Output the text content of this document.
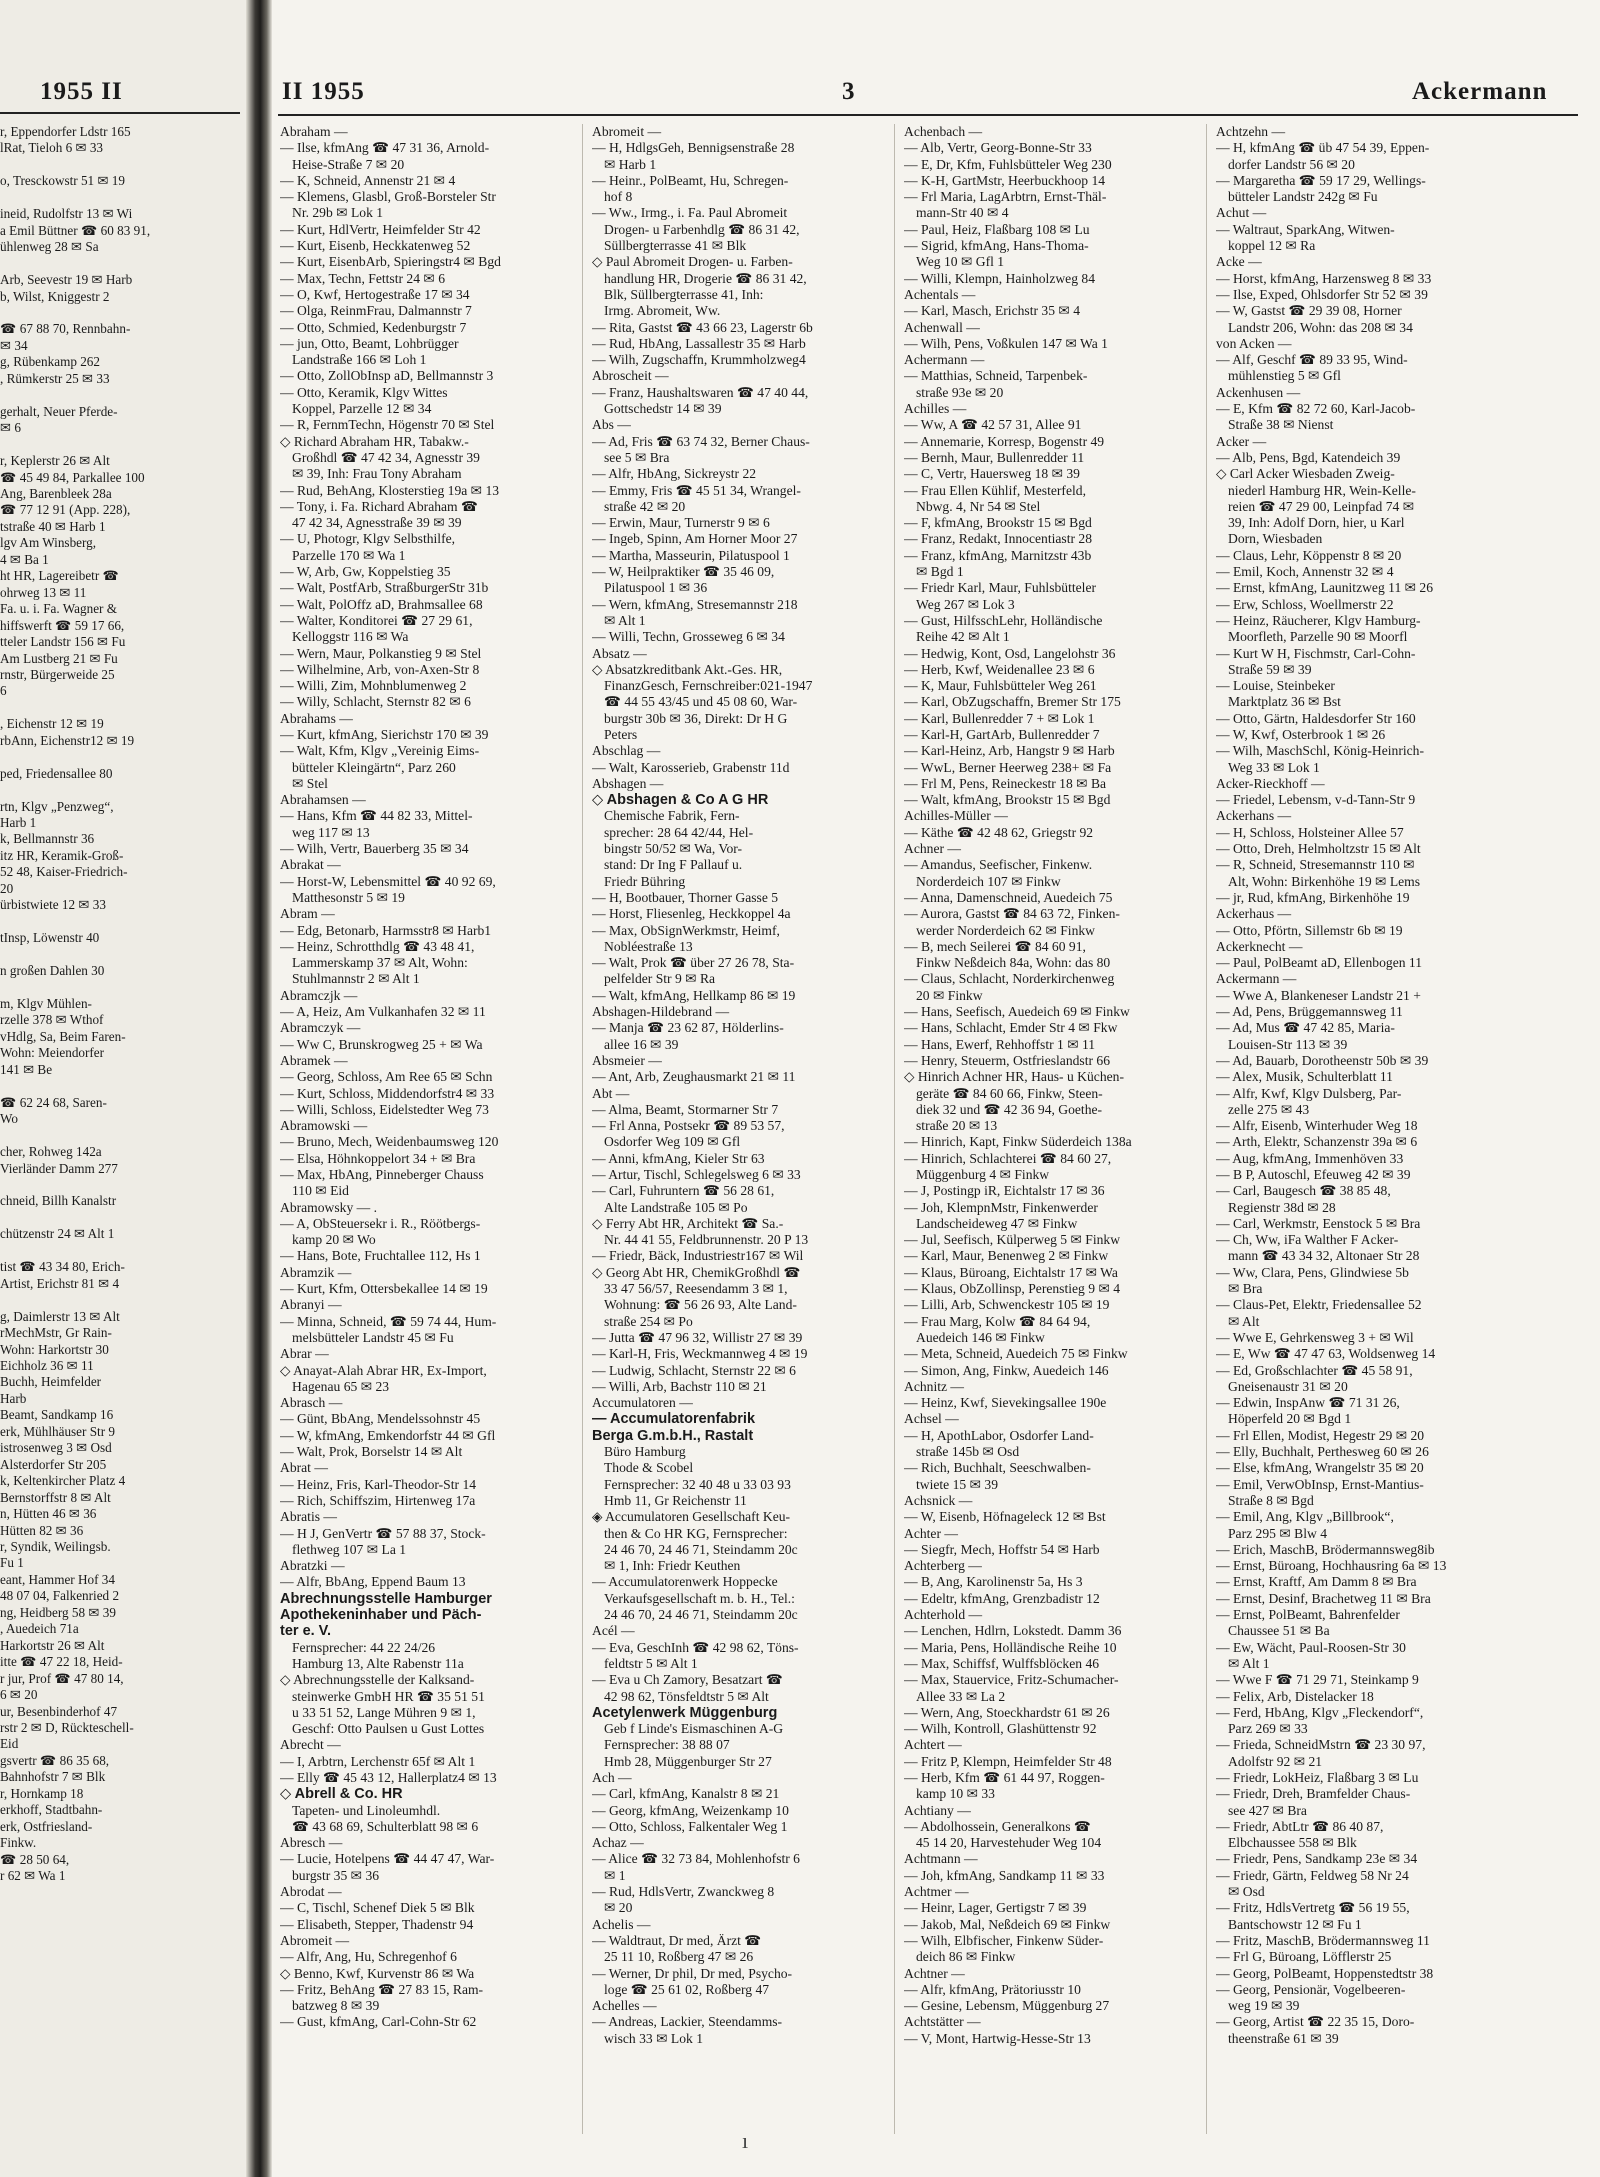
1955 II
r, Eppendorfer Ldstr 165
lRat, Tieloh 6 ✉ 33

o, Tresckowstr 51 ✉ 19

ineid, Rudolfstr 13 ✉ Wi
a Emil Büttner ☎ 60 83 91,
ühlenweg 28 ✉ Sa

Arb, Seevestr 19 ✉ Harb
b, Wilst, Kniggestr 2

☎ 67 88 70, Rennbahn-
✉ 34
g, Rübenkamp 262
, Rümkerstr 25 ✉ 33

gerhalt, Neuer Pferde-
✉ 6

r, Keplerstr 26 ✉ Alt
☎ 45 49 84, Parkallee 100
Ang, Barenbleek 28a
☎ 77 12 91 (App. 228),
tstraße 40 ✉ Harb 1
lgv Am Winsberg,
4 ✉ Ba 1
ht HR, Lagereibetr ☎
ohrweg 13 ✉ 11
Fa. u. i. Fa. Wagner &
hiffswerft ☎ 59 17 66,
tteler Landstr 156 ✉ Fu
Am Lustberg 21 ✉ Fu
rnstr, Bürgerweide 25
6

, Eichenstr 12 ✉ 19
rbAnn, Eichenstr12 ✉ 19

ped, Friedensallee 80

rtn, Klgv „Penzweg“,
Harb 1
k, Bellmannstr 36
itz HR, Keramik-Groß-
52 48, Kaiser-Friedrich-
20
ürbistwiete 12 ✉ 33

tInsp, Löwenstr 40

n großen Dahlen 30

m, Klgv Mühlen-
rzelle 378 ✉ Wthof
vHdlg, Sa, Beim Faren-
Wohn: Meiendorfer
141 ✉ Be

☎ 62 24 68, Saren-
Wo

cher, Rohweg 142a
Vierländer Damm 277

chneid, Billh Kanalstr

chützenstr 24 ✉ Alt 1

tist ☎ 43 34 80, Erich-
Artist, Erichstr 81 ✉ 4

g, Daimlerstr 13 ✉ Alt
rMechMstr, Gr Rain-
Wohn: Harkortstr 30
Eichholz 36 ✉ 11
Buchh, Heimfelder
Harb
Beamt, Sandkamp 16
erk, Mühlhäuser Str 9
istrosenweg 3 ✉ Osd
Alsterdorfer Str 205
k, Keltenkircher Platz 4
Bernstorffstr 8 ✉ Alt
n, Hütten 46 ✉ 36
Hütten 82 ✉ 36
r, Syndik, Weilingsb.
Fu 1
eant, Hammer Hof 34
48 07 04, Falkenried 2
ng, Heidberg 58 ✉ 39
, Auedeich 71a
Harkortstr 26 ✉ Alt
itte ☎ 47 22 18, Heid-
r jur, Prof ☎ 47 80 14,
6 ✉ 20
ur, Besenbinderhof 47
rstr 2 ✉ D, Rückteschell-
Eid
gsvertr ☎ 86 35 68,
Bahnhofstr 7 ✉ Blk
r, Hornkamp 18
erkhoff, Stadtbahn-
erk, Ostfriesland-
Finkw.
☎ 28 50 64,
r 62 ✉ Wa 1
II 1955	3	Ackermann
Abraham —
— Ilse, kfmAng ☎ 47 31 36, Arnold-
Heise-Straße 7 ✉ 20
— K, Schneid, Annenstr 21 ✉ 4
— Klemens, Glasbl, Groß-Borsteler Str
Nr. 29b ✉ Lok 1
— Kurt, HdlVertr, Heimfelder Str 42
— Kurt, Eisenb, Heckkatenweg 52
— Kurt, EisenbArb, Spieringstr4 ✉ Bgd
— Max, Techn, Fettstr 24 ✉ 6
— O, Kwf, Hertogestraße 17 ✉ 34
— Olga, ReinmFrau, Dalmannstr 7
— Otto, Schmied, Kedenburgstr 7
— jun, Otto, Beamt, Lohbrügger
Landstraße 166 ✉ Loh 1
— Otto, ZollObInsp aD, Bellmannstr 3
— Otto, Keramik, Klgv Wittes
Koppel, Parzelle 12 ✉ 34
— R, FernmTechn, Högenstr 70 ✉ Stel
◇ Richard Abraham HR, Tabakw.-
Großhdl ☎ 47 42 34, Agnesstr 39
✉ 39, Inh: Frau Tony Abraham
— Rud, BehAng, Klosterstieg 19a ✉ 13
— Tony, i. Fa. Richard Abraham ☎
47 42 34, Agnesstraße 39 ✉ 39
— U, Photogr, Klgv Selbsthilfe,
Parzelle 170 ✉ Wa 1
— W, Arb, Gw, Koppelstieg 35
— Walt, PostfArb, StraßburgerStr 31b
— Walt, PolOffz aD, Brahmsallee 68
— Walter, Konditorei ☎ 27 29 61,
Kelloggstr 116 ✉ Wa
— Wern, Maur, Polkanstieg 9 ✉ Stel
— Wilhelmine, Arb, von-Axen-Str 8
— Willi, Zim, Mohnblumenweg 2
— Willy, Schlacht, Sternstr 82 ✉ 6
Abrahams —
— Kurt, kfmAng, Sierichstr 170 ✉ 39
— Walt, Kfm, Klgv „Vereinig Eims-
bütteler Kleingärtn“, Parz 260
✉ Stel
Abrahamsen —
— Hans, Kfm ☎ 44 82 33, Mittel-
weg 117 ✉ 13
— Wilh, Vertr, Bauerberg 35 ✉ 34
Abrakat —
— Horst-W, Lebensmittel ☎ 40 92 69,
Matthesonstr 5 ✉ 19
Abram —
— Edg, Betonarb, Harmsstr8 ✉ Harb1
— Heinz, Schrotthdlg ☎ 43 48 41,
Lammerskamp 37 ✉ Alt, Wohn:
Stuhlmannstr 2 ✉ Alt 1
Abramczjk —
— A, Heiz, Am Vulkanhafen 32 ✉ 11
Abramczyk —
— Ww C, Brunskrogweg 25 + ✉ Wa
Abramek —
— Georg, Schloss, Am Ree 65 ✉ Schn
— Kurt, Schloss, Middendorfstr4 ✉ 33
— Willi, Schloss, Eidelstedter Weg 73
Abramowski —
— Bruno, Mech, Weidenbaumsweg 120
— Elsa, Höhnkoppelort 34 + ✉ Bra
— Max, HbAng, Pinneberger Chauss
110 ✉ Eid
Abramowsky — .
— A, ObSteuersekr i. R., Röötbergs-
kamp 20 ✉ Wo
— Hans, Bote, Fruchtallee 112, Hs 1
Abramzik —
— Kurt, Kfm, Ottersbekallee 14 ✉ 19
Abranyi —
— Minna, Schneid, ☎ 59 74 44, Hum-
melsbütteler Landstr 45 ✉ Fu
Abrar —
◇ Anayat-Alah Abrar HR, Ex-Import,
Hagenau 65 ✉ 23
Abrasch —
— Günt, BbAng, Mendelssohnstr 45
— W, kfmAng, Emkendorfstr 44 ✉ Gfl
— Walt, Prok, Borselstr 14 ✉ Alt
Abrat —
— Heinz, Fris, Karl-Theodor-Str 14
— Rich, Schiffszim, Hirtenweg 17a
Abratis —
— H J, GenVertr ☎ 57 88 37, Stock-
flethweg 107 ✉ La 1
Abratzki —
— Alfr, BbAng, Eppend Baum 13
Abrechnungsstelle Hamburger
Apothekeninhaber und Päch-
ter e. V.
Fernsprecher: 44 22 24/26
Hamburg 13, Alte Rabenstr 11a
◇ Abrechnungsstelle der Kalksand-
steinwerke GmbH HR ☎ 35 51 51
u 33 51 52, Lange Mühren 9 ✉ 1,
Geschf: Otto Paulsen u Gust Lottes
Abrecht —
— I, Arbtrn, Lerchenstr 65f ✉ Alt 1
— Elly ☎ 45 43 12, Hallerplatz4 ✉ 13
◇ Abrell & Co. HR
Tapeten- und Linoleumhdl.
☎ 43 68 69, Schulterblatt 98 ✉ 6
Abresch —
— Lucie, Hotelpens ☎ 44 47 47, War-
burgstr 35 ✉ 36
Abrodat —
— C, Tischl, Schenef Diek 5 ✉ Blk
— Elisabeth, Stepper, Thadenstr 94
Abromeit —
— Alfr, Ang, Hu, Schregenhof 6
◇ Benno, Kwf, Kurvenstr 86 ✉ Wa
— Fritz, BehAng ☎ 27 83 15, Ram-
batzweg 8 ✉ 39
— Gust, kfmAng, Carl-Cohn-Str 62
Abromeit —
— H, HdlgsGeh, Bennigsenstraße 28
✉ Harb 1
— Heinr., PolBeamt, Hu, Schregen-
hof 8
— Ww., Irmg., i. Fa. Paul Abromeit
Drogen- u Farbenhdlg ☎ 86 31 42,
Süllbergterrasse 41 ✉ Blk
◇ Paul Abromeit Drogen- u. Farben-
handlung HR, Drogerie ☎ 86 31 42,
Blk, Süllbergterrasse 41, Inh:
Irmg. Abromeit, Ww.
— Rita, Gastst ☎ 43 66 23, Lagerstr 6b
— Rud, HbAng, Lassallestr 35 ✉ Harb
— Wilh, Zugschaffn, Krummholzweg4
Abroscheit —
— Franz, Haushaltswaren ☎ 47 40 44,
Gottschedstr 14 ✉ 39
Abs —
— Ad, Fris ☎ 63 74 32, Berner Chaus-
see 5 ✉ Bra
— Alfr, HbAng, Sickreystr 22
— Emmy, Fris ☎ 45 51 34, Wrangel-
straße 42 ✉ 20
— Erwin, Maur, Turnerstr 9 ✉ 6
— Ingeb, Spinn, Am Horner Moor 27
— Martha, Masseurin, Pilatuspool 1
— W, Heilpraktiker ☎ 35 46 09,
Pilatuspool 1 ✉ 36
— Wern, kfmAng, Stresemannstr 218
✉ Alt 1
— Willi, Techn, Grosseweg 6 ✉ 34
Absatz —
◇ Absatzkreditbank Akt.-Ges. HR,
FinanzGesch, Fernschreiber:021-1947
☎ 44 55 43/45 und 45 08 60, War-
burgstr 30b ✉ 36, Direkt: Dr H G
Peters
Abschlag —
— Walt, Karosserieb, Grabenstr 11d
Abshagen —
◇ Abshagen & Co A G HR
Chemische Fabrik, Fern-
sprecher: 28 64 42/44, Hel-
bingstr 50/52 ✉ Wa, Vor-
stand: Dr Ing F Pallauf u.
Friedr Bühring
— H, Bootbauer, Thorner Gasse 5
— Horst, Fliesenleg, Heckkoppel 4a
— Max, ObSignWerkmstr, Heimf,
Nobléestraße 13
— Walt, Prok ☎ über 27 26 78, Sta-
pelfelder Str 9 ✉ Ra
— Walt, kfmAng, Hellkamp 86 ✉ 19
Abshagen-Hildebrand —
— Manja ☎ 23 62 87, Hölderlins-
allee 16 ✉ 39
Absmeier —
— Ant, Arb, Zeughausmarkt 21 ✉ 11
Abt —
— Alma, Beamt, Stormarner Str 7
— Frl Anna, Postsekr ☎ 89 53 57,
Osdorfer Weg 109 ✉ Gfl
— Anni, kfmAng, Kieler Str 63
— Artur, Tischl, Schlegelsweg 6 ✉ 33
— Carl, Fuhruntern ☎ 56 28 61,
Alte Landstraße 105 ✉ Po
◇ Ferry Abt HR, Architekt ☎ Sa.-
Nr. 44 41 55, Feldbrunnenstr. 20 P 13
— Friedr, Bäck, Industriestr167 ✉ Wil
◇ Georg Abt HR, ChemikGroßhdl ☎
33 47 56/57, Reesendamm 3 ✉ 1,
Wohnung: ☎ 56 26 93, Alte Land-
straße 254 ✉ Po
— Jutta ☎ 47 96 32, Willistr 27 ✉ 39
— Karl-H, Fris, Weckmannweg 4 ✉ 19
— Ludwig, Schlacht, Sternstr 22 ✉ 6
— Willi, Arb, Bachstr 110 ✉ 21
Accumulatoren —
— Accumulatorenfabrik
Berga G.m.b.H., Rastalt
Büro Hamburg
Thode & Scobel
Fernsprecher: 32 40 48 u 33 03 93
Hmb 11, Gr Reichenstr 11
◈ Accumulatoren Gesellschaft Keu-
then & Co HR KG, Fernsprecher:
24 46 70, 24 46 71, Steindamm 20c
✉ 1, Inh: Friedr Keuthen
— Accumulatorenwerk Hoppecke
Verkaufsgesellschaft m. b. H., Tel.:
24 46 70, 24 46 71, Steindamm 20c
Acél —
— Eva, GeschInh ☎ 42 98 62, Töns-
feldtstr 5 ✉ Alt 1
— Eva u Ch Zamory, Besatzart ☎
42 98 62, Tönsfeldtstr 5 ✉ Alt
Acetylenwerk Müggenburg
Geb f Linde's Eismaschinen A-G
Fernsprecher: 38 88 07
Hmb 28, Müggenburger Str 27
Ach —
— Carl, kfmAng, Kanalstr 8 ✉ 21
— Georg, kfmAng, Weizenkamp 10
— Otto, Schloss, Falkentaler Weg 1
Achaz —
— Alice ☎ 32 73 84, Mohlenhofstr 6
✉ 1
— Rud, HdlsVertr, Zwanckweg 8
✉ 20
Achelis —
— Waldtraut, Dr med, Ärzt ☎
25 11 10, Roßberg 47 ✉ 26
— Werner, Dr phil, Dr med, Psycho-
loge ☎ 25 61 02, Roßberg 47
Achelles —
— Andreas, Lackier, Steendamms-
wisch 33 ✉ Lok 1
Achenbach —
— Alb, Vertr, Georg-Bonne-Str 33
— E, Dr, Kfm, Fuhlsbütteler Weg 230
— K-H, GartMstr, Heerbuckhoop 14
— Frl Maria, LagArbtrn, Ernst-Thäl-
mann-Str 40 ✉ 4
— Paul, Heiz, Flaßbarg 108 ✉ Lu
— Sigrid, kfmAng, Hans-Thoma-
Weg 10 ✉ Gfl 1
— Willi, Klempn, Hainholzweg 84
Achentals —
— Karl, Masch, Erichstr 35 ✉ 4
Achenwall —
— Wilh, Pens, Voßkulen 147 ✉ Wa 1
Achermann —
— Matthias, Schneid, Tarpenbek-
straße 93e ✉ 20
Achilles —
— Ww, A ☎ 42 57 31, Allee 91
— Annemarie, Korresp, Bogenstr 49
— Bernh, Maur, Bullenredder 11
— C, Vertr, Hauersweg 18 ✉ 39
— Frau Ellen Kühlif, Mesterfeld,
Nbwg. 4, Nr 54 ✉ Stel
— F, kfmAng, Brookstr 15 ✉ Bgd
— Franz, Redakt, Innocentiastr 28
— Franz, kfmAng, Marnitzstr 43b
✉ Bgd 1
— Friedr Karl, Maur, Fuhlsbütteler
Weg 267 ✉ Lok 3
— Gust, HilfsschLehr, Holländische
Reihe 42 ✉ Alt 1
— Hedwig, Kont, Osd, Langelohstr 36
— Herb, Kwf, Weidenallee 23 ✉ 6
— K, Maur, Fuhlsbütteler Weg 261
— Karl, ObZugschaffn, Bremer Str 175
— Karl, Bullenredder 7 + ✉ Lok 1
— Karl-H, GartArb, Bullenredder 7
— Karl-Heinz, Arb, Hangstr 9 ✉ Harb
— WwL, Berner Heerweg 238+ ✉ Fa
— Frl M, Pens, Reineckestr 18 ✉ Ba
— Walt, kfmAng, Brookstr 15 ✉ Bgd
Achilles-Müller —
— Käthe ☎ 42 48 62, Griegstr 92
Achner —
— Amandus, Seefischer, Finkenw.
Norderdeich 107 ✉ Finkw
— Anna, Damenschneid, Auedeich 75
— Aurora, Gastst ☎ 84 63 72, Finken-
werder Norderdeich 62 ✉ Finkw
— B, mech Seilerei ☎ 84 60 91,
Finkw Neßdeich 84a, Wohn: das 80
— Claus, Schlacht, Norderkirchenweg
20 ✉ Finkw
— Hans, Seefisch, Auedeich 69 ✉ Finkw
— Hans, Schlacht, Emder Str 4 ✉ Fkw
— Hans, Ewerf, Rehhoffstr 1 ✉ 11
— Henry, Steuerm, Ostfrieslandstr 66
◇ Hinrich Achner HR, Haus- u Küchen-
geräte ☎ 84 60 66, Finkw, Steen-
diek 32 und ☎ 42 36 94, Goethe-
straße 20 ✉ 13
— Hinrich, Kapt, Finkw Süderdeich 138a
— Hinrich, Schlachterei ☎ 84 60 27,
Müggenburg 4 ✉ Finkw
— J, Postingp iR, Eichtalstr 17 ✉ 36
— Joh, KlempnMstr, Finkenwerder
Landscheideweg 47 ✉ Finkw
— Jul, Seefisch, Külperweg 5 ✉ Finkw
— Karl, Maur, Benenweg 2 ✉ Finkw
— Klaus, Büroang, Eichtalstr 17 ✉ Wa
— Klaus, ObZollinsp, Perenstieg 9 ✉ 4
— Lilli, Arb, Schwenckestr 105 ✉ 19
— Frau Marg, Kolw ☎ 84 64 94,
Auedeich 146 ✉ Finkw
— Meta, Schneid, Auedeich 75 ✉ Finkw
— Simon, Ang, Finkw, Auedeich 146
Achnitz —
— Heinz, Kwf, Sievekingsallee 190e
Achsel —
— H, ApothLabor, Osdorfer Land-
straße 145b ✉ Osd
— Rich, Buchhalt, Seeschwalben-
twiete 15 ✉ 39
Achsnick —
— W, Eisenb, Höfnageleck 12 ✉ Bst
Achter —
— Siegfr, Mech, Hoffstr 54 ✉ Harb
Achterberg —
— B, Ang, Karolinenstr 5a, Hs 3
— Edeltr, kfmAng, Grenzbadistr 12
Achterhold —
— Lenchen, Hdlrn, Lokstedt. Damm 36
— Maria, Pens, Holländische Reihe 10
— Max, Schiffsf, Wulffsblöcken 46
— Max, Stauervice, Fritz-Schumacher-
Allee 33 ✉ La 2
— Wern, Ang, Stoeckhardstr 61 ✉ 26
— Wilh, Kontroll, Glashüttenstr 92
Achtert —
— Fritz P, Klempn, Heimfelder Str 48
— Herb, Kfm ☎ 61 44 97, Roggen-
kamp 10 ✉ 33
Achtiany —
— Abdolhossein, Generalkons ☎
45 14 20, Harvestehuder Weg 104
Achtmann —
— Joh, kfmAng, Sandkamp 11 ✉ 33
Achtmer —
— Heinr, Lager, Gertigstr 7 ✉ 39
— Jakob, Mal, Neßdeich 69 ✉ Finkw
— Wilh, Elbfischer, Finkenw Süder-
deich 86 ✉ Finkw
Achtner —
— Alfr, kfmAng, Prätoriusstr 10
— Gesine, Lebensm, Müggenburg 27
Achtstätter —
— V, Mont, Hartwig-Hesse-Str 13
Achtzehn —
— H, kfmAng ☎ üb 47 54 39, Eppen-
dorfer Landstr 56 ✉ 20
— Margaretha ☎ 59 17 29, Wellings-
bütteler Landstr 242g ✉ Fu
Achut —
— Waltraut, SparkAng, Witwen-
koppel 12 ✉ Ra
Acke —
— Horst, kfmAng, Harzensweg 8 ✉ 33
— Ilse, Exped, Ohlsdorfer Str 52 ✉ 39
— W, Gastst ☎ 29 39 08, Horner
Landstr 206, Wohn: das 208 ✉ 34
von Acken —
— Alf, Geschf ☎ 89 33 95, Wind-
mühlenstieg 5 ✉ Gfl
Ackenhusen —
— E, Kfm ☎ 82 72 60, Karl-Jacob-
Straße 38 ✉ Nienst
Acker —
— Alb, Pens, Bgd, Katendeich 39
◇ Carl Acker Wiesbaden Zweig-
niederl Hamburg HR, Wein-Kelle-
reien ☎ 47 29 00, Leinpfad 74 ✉
39, Inh: Adolf Dorn, hier, u Karl
Dorn, Wiesbaden
— Claus, Lehr, Köppenstr 8 ✉ 20
— Emil, Koch, Annenstr 32 ✉ 4
— Ernst, kfmAng, Launitzweg 11 ✉ 26
— Erw, Schloss, Woellmerstr 22
— Heinz, Räucherer, Klgv Hamburg-
Moorfleth, Parzelle 90 ✉ Moorfl
— Kurt W H, Fischmstr, Carl-Cohn-
Straße 59 ✉ 39
— Louise, Steinbeker
Marktplatz 36 ✉ Bst
— Otto, Gärtn, Haldesdorfer Str 160
— W, Kwf, Osterbrook 1 ✉ 26
— Wilh, MaschSchl, König-Heinrich-
Weg 33 ✉ Lok 1
Acker-Rieckhoff —
— Friedel, Lebensm, v-d-Tann-Str 9
Ackerhans —
— H, Schloss, Holsteiner Allee 57
— Otto, Dreh, Helmholtzstr 15 ✉ Alt
— R, Schneid, Stresemannstr 110 ✉
Alt, Wohn: Birkenhöhe 19 ✉ Lems
— jr, Rud, kfmAng, Birkenhöhe 19
Ackerhaus —
— Otto, Pförtn, Sillemstr 6b ✉ 19
Ackerknecht —
— Paul, PolBeamt aD, Ellenbogen 11
Ackermann —
— Wwe A, Blankeneser Landstr 21 +
— Ad, Pens, Brüggemannsweg 11
— Ad, Mus ☎ 47 42 85, Maria-
Louisen-Str 113 ✉ 39
— Ad, Bauarb, Dorotheenstr 50b ✉ 39
— Alex, Musik, Schulterblatt 11
— Alfr, Kwf, Klgv Dulsberg, Par-
zelle 275 ✉ 43
— Alfr, Eisenb, Winterhuder Weg 18
— Arth, Elektr, Schanzenstr 39a ✉ 6
— Aug, kfmAng, Immenhöven 33
— B P, Autoschl, Efeuweg 42 ✉ 39
— Carl, Baugesch ☎ 38 85 48,
Regienstr 38d ✉ 28
— Carl, Werkmstr, Eenstock 5 ✉ Bra
— Ch, Ww, iFa Walther F Acker-
mann ☎ 43 34 32, Altonaer Str 28
— Ww, Clara, Pens, Glindwiese 5b
✉ Bra
— Claus-Pet, Elektr, Friedensallee 52
✉ Alt
— Wwe E, Gehrkensweg 3 + ✉ Wil
— E, Ww ☎ 47 47 63, Woldsenweg 14
— Ed, Großschlachter ☎ 45 58 91,
Gneisenaustr 31 ✉ 20
— Edwin, InspAnw ☎ 71 31 26,
Höperfeld 20 ✉ Bgd 1
— Frl Ellen, Modist, Hegestr 29 ✉ 20
— Elly, Buchhalt, Perthesweg 60 ✉ 26
— Else, kfmAng, Wrangelstr 35 ✉ 20
— Emil, VerwObInsp, Ernst-Mantius-
Straße 8 ✉ Bgd
— Emil, Ang, Klgv „Billbrook“,
Parz 295 ✉ Blw 4
— Erich, MaschB, Brödermannsweg8ib
— Ernst, Büroang, Hochhausring 6a ✉ 13
— Ernst, Kraftf, Am Damm 8 ✉ Bra
— Ernst, Desinf, Brachetweg 11 ✉ Bra
— Ernst, PolBeamt, Bahrenfelder
Chaussee 51 ✉ Ba
— Ew, Wächt, Paul-Roosen-Str 30
✉ Alt 1
— Wwe F ☎ 71 29 71, Steinkamp 9
— Felix, Arb, Distelacker 18
— Ferd, HbAng, Klgv „Fleckendorf“,
Parz 269 ✉ 33
— Frieda, SchneidMstrn ☎ 23 30 97,
Adolfstr 92 ✉ 21
— Friedr, LokHeiz, Flaßbarg 3 ✉ Lu
— Friedr, Dreh, Bramfelder Chaus-
see 427 ✉ Bra
— Friedr, AbtLtr ☎ 86 40 87,
Elbchaussee 558 ✉ Blk
— Friedr, Pens, Sandkamp 23e ✉ 34
— Friedr, Gärtn, Feldweg 58 Nr 24
✉ Osd
— Fritz, HdlsVertretg ☎ 56 19 55,
Bantschowstr 12 ✉ Fu 1
— Fritz, MaschB, Brödermannsweg 11
— Frl G, Büroang, Löfflerstr 25
— Georg, PolBeamt, Hoppenstedtstr 38
— Georg, Pensionär, Vogelbeeren-
weg 19 ✉ 39
— Georg, Artist ☎ 22 35 15, Doro-
theenstraße 61 ✉ 39
ı
